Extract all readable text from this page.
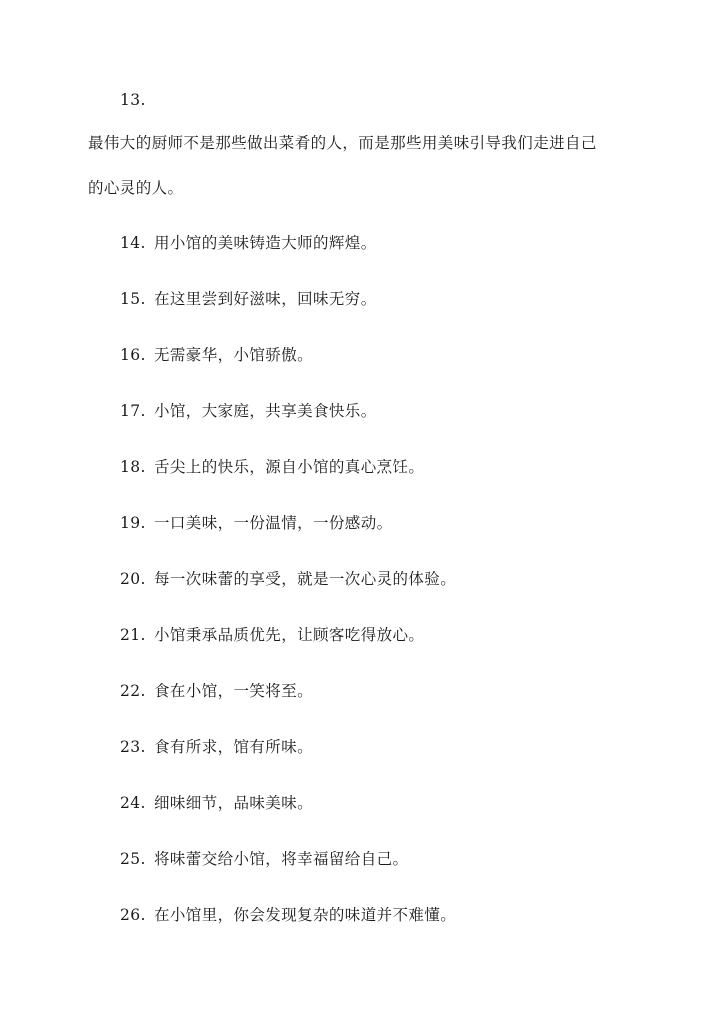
13.
最伟大的厨师不是那些做出菜肴的人，而是那些用美味引导我们走进自己
的心灵的人。
14. 用小馆的美味铸造大师的辉煌。
15. 在这里尝到好滋味，回味无穷。
16. 无需豪华，小馆骄傲。
17. 小馆，大家庭，共享美食快乐。
18. 舌尖上的快乐，源自小馆的真心烹饪。
19. 一口美味，一份温情，一份感动。
20. 每一次味蕾的享受，就是一次心灵的体验。
21. 小馆秉承品质优先，让顾客吃得放心。
22. 食在小馆，一笑将至。
23. 食有所求，馆有所味。
24. 细味细节，品味美味。
25. 将味蕾交给小馆，将幸福留给自己。
26. 在小馆里，你会发现复杂的味道并不难懂。
